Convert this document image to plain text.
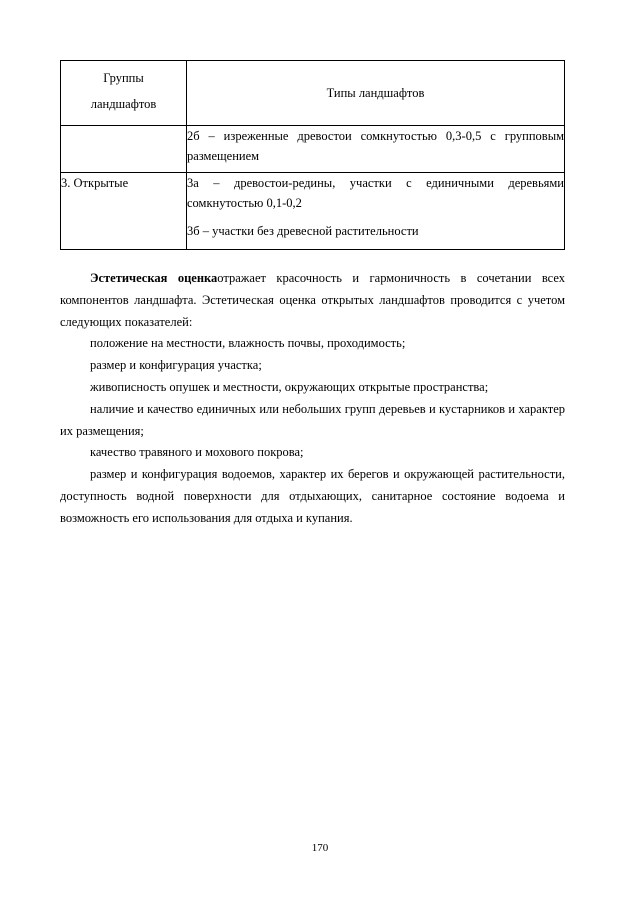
Группы
ландшафтов	Типы ландшафтов

	2б – изреженные древостои сомкнутостью 0,3-0,5 с групповым размещением

3. Открытые	3а – древостои-редины, участки с единичными деревьями сомкнутостью 0,1-0,2

3б – участки без древесной растительности

Эстетическая оценкаотражает красочность и гармоничность в сочетании всех компонентов ландшафта. Эстетическая оценка открытых ландшафтов проводится с учетом следующих показателей:

положение на местности, влажность почвы, проходимость;

размер и конфигурация участка;

живописность опушек и местности, окружающих открытые пространства;

наличие и качество единичных или небольших групп деревьев и кустарников и характер их размещения;

качество травяного и мохового покрова;

размер и конфигурация водоемов, характер их берегов и окружающей растительности, доступность водной поверхности для отдыхающих, санитарное состояние водоема и возможность его использования для отдыха и купания.

170
